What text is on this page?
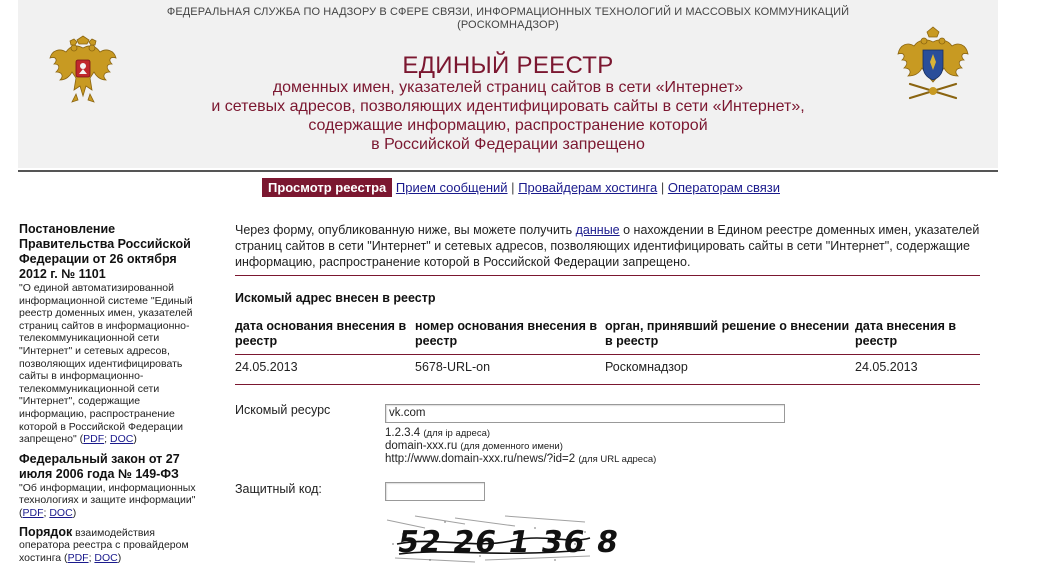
ФЕДЕРАЛЬНАЯ СЛУЖБА ПО НАДЗОРУ В СФЕРЕ СВЯЗИ, ИНФОРМАЦИОННЫХ ТЕХНОЛОГИЙ И МАССОВЫХ КОММУНИКАЦИЙ
(РОСКОМНАДЗОР)
ЕДИНЫЙ РЕЕСТР
доменных имен, указателей страниц сайтов в сети «Интернет»
и сетевых адресов, позволяющих идентифицировать сайты в сети «Интернет»,
содержащие информацию, распространение которой
в Российской Федерации запрещено
Просмотр реестра Прием сообщений | Провайдерам хостинга | Операторам связи
Постановление Правительства Российской Федерации от 26 октября 2012 г. № 1101
"О единой автоматизированной информационной системе "Единый реестр доменных имен, указателей страниц сайтов в информационно-телекоммуникационной сети "Интернет" и сетевых адресов, позволяющих идентифицировать сайты в информационно-телекоммуникационной сети "Интернет", содержащие информацию, распространение которой в Российской Федерации запрещено" (PDF; DOC)
Федеральный закон от 27 июля 2006 года № 149-ФЗ
"Об информации, информационных технологиях и защите информации" (PDF; DOC)
Порядок взаимодействия оператора реестра с провайдером хостинга (PDF; DOC)
Через форму, опубликованную ниже, вы можете получить данные о нахождении в Едином реестре доменных имен, указателей страниц сайтов в сети "Интернет" и сетевых адресов, позволяющих идентифицировать сайты в сети "Интернет", содержащие информацию, распространение которой в Российской Федерации запрещено.
Искомый адрес внесен в реестр
дата основания внесения в реестр	номер основания внесения в реестр	орган, принявший решение о внесении в реестр	дата внесения в реестр

24.05.2013	5678-URL-on	Роскомнадзор	24.05.2013

Искомый ресурс
vk.com
1.2.3.4 (для ip адреса)
domain-xxx.ru (для доменного имени)
http://www.domain-xxx.ru/news/?id=2 (для URL адреса)
Защитный код:
52 26 1 36 8
